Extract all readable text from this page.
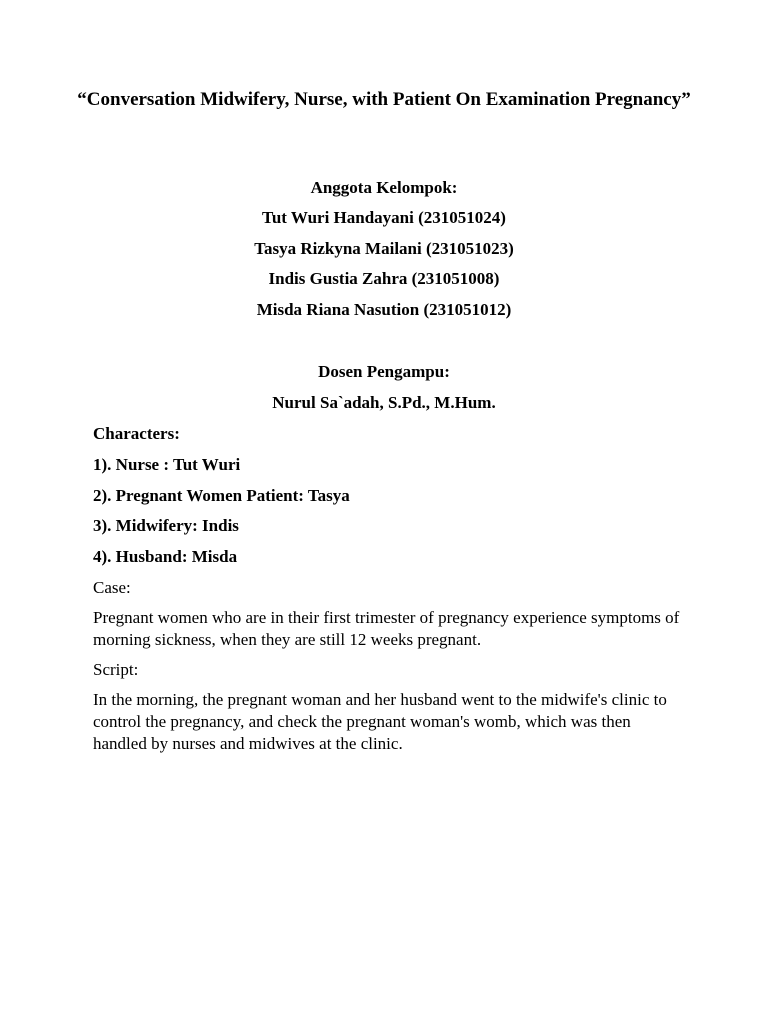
“Conversation Midwifery, Nurse, with Patient On Examination Pregnancy”
Anggota Kelompok:
Tut Wuri Handayani (231051024)
Tasya Rizkyna Mailani (231051023)
Indis Gustia Zahra (231051008)
Misda Riana Nasution (231051012)
Dosen Pengampu:
Nurul Sa`adah, S.Pd., M.Hum.
Characters:
1). Nurse : Tut Wuri
2). Pregnant Women Patient: Tasya
3). Midwifery: Indis
4). Husband: Misda
Case:
Pregnant women who are in their first trimester of pregnancy experience symptoms of morning sickness, when they are still 12 weeks pregnant.
Script:
In the morning, the pregnant woman and her husband went to the midwife's clinic to control the pregnancy, and check the pregnant woman's womb, which was then handled by nurses and midwives at the clinic.
